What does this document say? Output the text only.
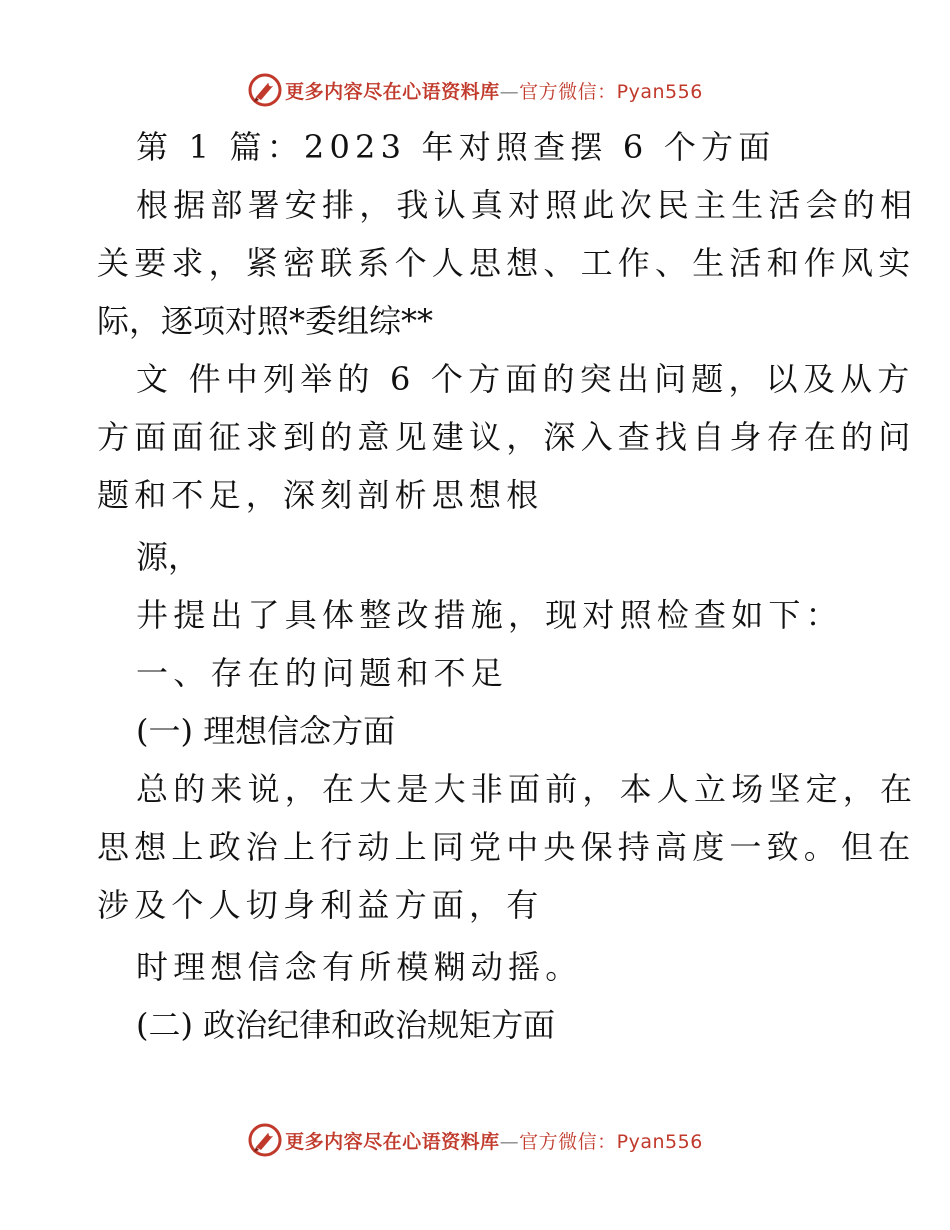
更多内容尽在心语资料库—官方微信：Pyan556
第 1 篇：2023 年对照查摆 6 个方面
根据部署安排，我认真对照此次民主生活会的相
关要求，紧密联系个人思想、工作、生活和作风实
际，逐项对照*委组综**
文 件中列举的 6 个方面的突出问题，以及从方
方面面征求到的意见建议，深入查找自身存在的问
题和不足，深刻剖析思想根
源，
井提出了具体整改措施，现对照检查如下：
一、存在的问题和不足
(一) 理想信念方面
总的来说，在大是大非面前，本人立场坚定，在
思想上政治上行动上同党中央保持高度一致。但在
涉及个人切身利益方面，有
时理想信念有所模糊动摇。
(二) 政治纪律和政治规矩方面
更多内容尽在心语资料库—官方微信：Pyan556
